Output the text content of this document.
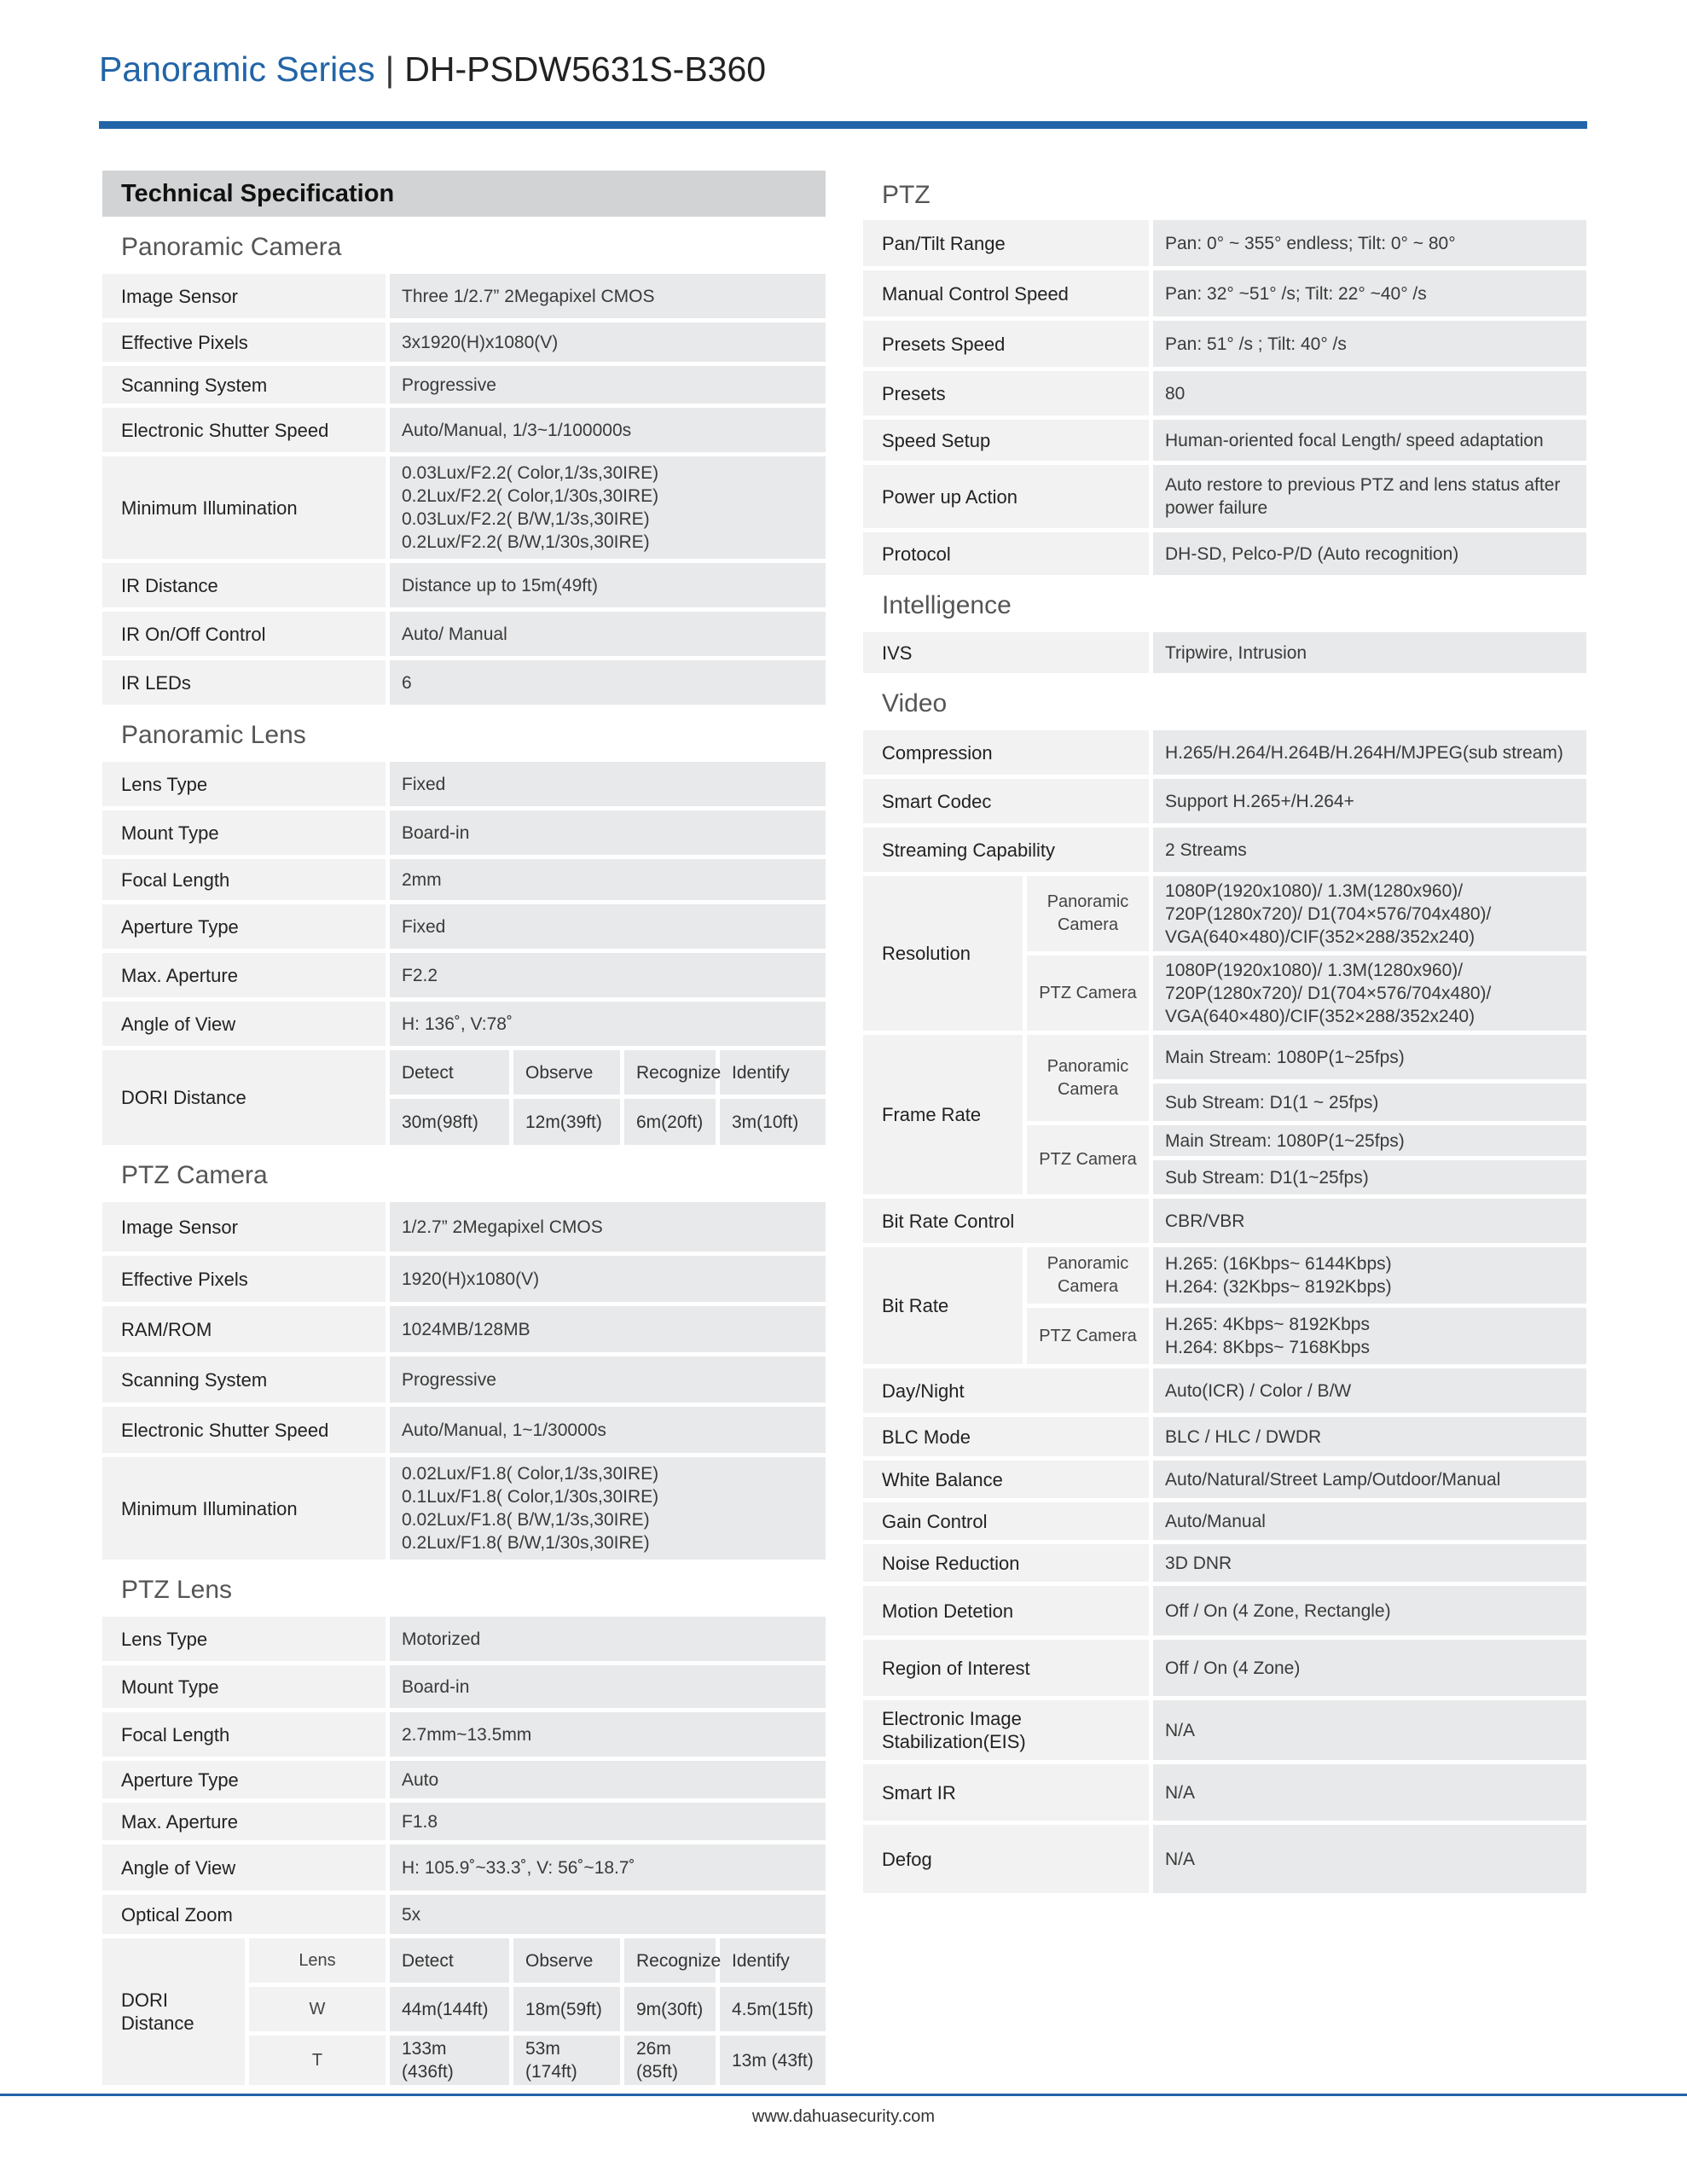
Panoramic Series | DH-PSDW5631S-B360
Technical Specification
Panoramic Camera
Image Sensor	Three 1/2.7” 2Megapixel CMOS
Effective Pixels	3x1920(H)x1080(V)
Scanning System	Progressive
Electronic Shutter Speed	Auto/Manual, 1/3~1/100000s
Minimum Illumination	0.03Lux/F2.2( Color,1/3s,30IRE)
0.2Lux/F2.2( Color,1/30s,30IRE)
0.03Lux/F2.2( B/W,1/3s,30IRE)
0.2Lux/F2.2( B/W,1/30s,30IRE)

IR Distance	Distance up to 15m(49ft)
IR On/Off Control	Auto/ Manual
IR LEDs	6
Panoramic Lens
Lens Type	Fixed			
Mount Type	Board-in			
Focal Length	2mm			
Aperture Type	Fixed			
Max. Aperture	F2.2			
Angle of View	H: 136˚, V:78˚			
DORI Distance	Detect	Observe	Recognize	Identify
	30m(98ft)	12m(39ft)	6m(20ft)	3m(10ft)
PTZ Camera
Image Sensor	1/2.7” 2Megapixel CMOS
Effective Pixels	1920(H)x1080(V)
RAM/ROM	1024MB/128MB
Scanning System	Progressive
Electronic Shutter Speed	Auto/Manual, 1~1/30000s
Minimum Illumination	0.02Lux/F1.8( Color,1/3s,30IRE)
0.1Lux/F1.8( Color,1/30s,30IRE)
0.02Lux/F1.8( B/W,1/3s,30IRE)
0.2Lux/F1.8( B/W,1/30s,30IRE)
PTZ Lens
Lens Type		Motorized			
Mount Type		Board-in			
Focal Length		2.7mm~13.5mm			
Aperture Type		Auto			
Max. Aperture		F1.8			
Angle of View		H: 105.9˚~33.3˚, V: 56˚~18.7˚			
Optical Zoom		5x			
DORI Distance	Lens	Detect	Observe	Recognize	Identify
	W	44m(144ft)	18m(59ft)	9m(30ft)	4.5m(15ft)
	T	133m (436ft)	53m (174ft)	26m (85ft)	13m (43ft)
PTZ
Pan/Tilt Range	Pan: 0° ~ 355° endless; Tilt: 0° ~ 80°
Manual Control Speed	Pan: 32° ~51° /s; Tilt: 22° ~40° /s
Presets Speed	Pan: 51° /s ; Tilt: 40° /s
Presets	80
Speed Setup	Human-oriented focal Length/ speed adaptation
Power up Action	Auto restore to previous PTZ and lens status after power failure
Protocol	DH-SD, Pelco-P/D (Auto recognition)
Intelligence
IVS	Tripwire, Intrusion
Video
Compression		H.265/H.264/H.264B/H.264H/MJPEG(sub stream)
Smart Codec		Support H.265+/H.264+
Streaming Capability		2 Streams
Resolution	Panoramic Camera	1080P(1920x1080)/ 1.3M(1280x960)/
720P(1280x720)/ D1(704×576/704x480)/
VGA(640×480)/CIF(352×288/352x240)

	PTZ Camera	1080P(1920x1080)/ 1.3M(1280x960)/
720P(1280x720)/ D1(704×576/704x480)/
VGA(640×480)/CIF(352×288/352x240)

Frame Rate	Panoramic Camera	Main Stream: 1080P(1~25fps)
		Sub Stream: D1(1 ~ 25fps)
	PTZ Camera	Main Stream: 1080P(1~25fps)
		Sub Stream: D1(1~25fps)
Bit Rate Control		CBR/VBR
Bit Rate	Panoramic Camera	H.265: (16Kbps~ 6144Kbps)
H.264: (32Kbps~ 8192Kbps)

	PTZ Camera	H.265: 4Kbps~ 8192Kbps
H.264: 8Kbps~ 7168Kbps

Day/Night		Auto(ICR) / Color / B/W
BLC Mode		BLC / HLC / DWDR
White Balance		Auto/Natural/Street Lamp/Outdoor/Manual
Gain Control		Auto/Manual
Noise Reduction		3D DNR
Motion Detetion		Off / On (4 Zone, Rectangle)
Region of Interest		Off / On (4 Zone)
Electronic Image Stabilization(EIS)		N/A
Smart IR		N/A
Defog		N/A
www.dahuasecurity.com
